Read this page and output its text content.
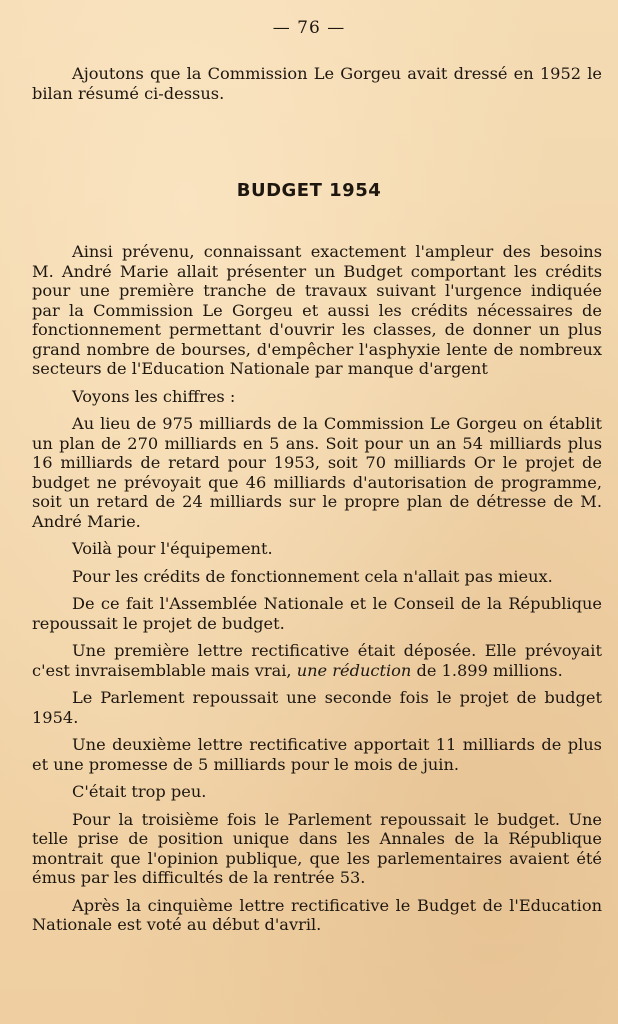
— 76 —

Ajoutons que la Commission Le Gorgeu avait dressé en 1952 le bilan résumé ci-dessus.

BUDGET 1954

Ainsi prévenu, connaissant exactement l'ampleur des besoins M. André Marie allait présenter un Budget comportant les crédits pour une première tranche de travaux suivant l'urgence indiquée par la Commission Le Gorgeu et aussi les crédits nécessaires de fonctionnement permettant d'ouvrir les classes, de donner un plus grand nombre de bourses, d'empêcher l'asphyxie lente de nombreux secteurs de l'Education Nationale par manque d'argent

Voyons les chiffres :

Au lieu de 975 milliards de la Commission Le Gorgeu on établit un plan de 270 milliards en 5 ans. Soit pour un an 54 milliards plus 16 milliards de retard pour 1953, soit 70 milliards Or le projet de budget ne prévoyait que 46 milliards d'autorisation de programme, soit un retard de 24 milliards sur le propre plan de détresse de M. André Marie.

Voilà pour l'équipement.

Pour les crédits de fonctionnement cela n'allait pas mieux.

De ce fait l'Assemblée Nationale et le Conseil de la République repoussait le projet de budget.

Une première lettre rectificative était déposée. Elle prévoyait c'est invraisemblable mais vrai, une réduction de 1.899 millions.

Le Parlement repoussait une seconde fois le projet de budget 1954.

Une deuxième lettre rectificative apportait 11 milliards de plus et une promesse de 5 milliards pour le mois de juin.

C'était trop peu.

Pour la troisième fois le Parlement repoussait le budget. Une telle prise de position unique dans les Annales de la République montrait que l'opinion publique, que les parlementaires avaient été émus par les difficultés de la rentrée 53.

Après la cinquième lettre rectificative le Budget de l'Education Nationale est voté au début d'avril.
